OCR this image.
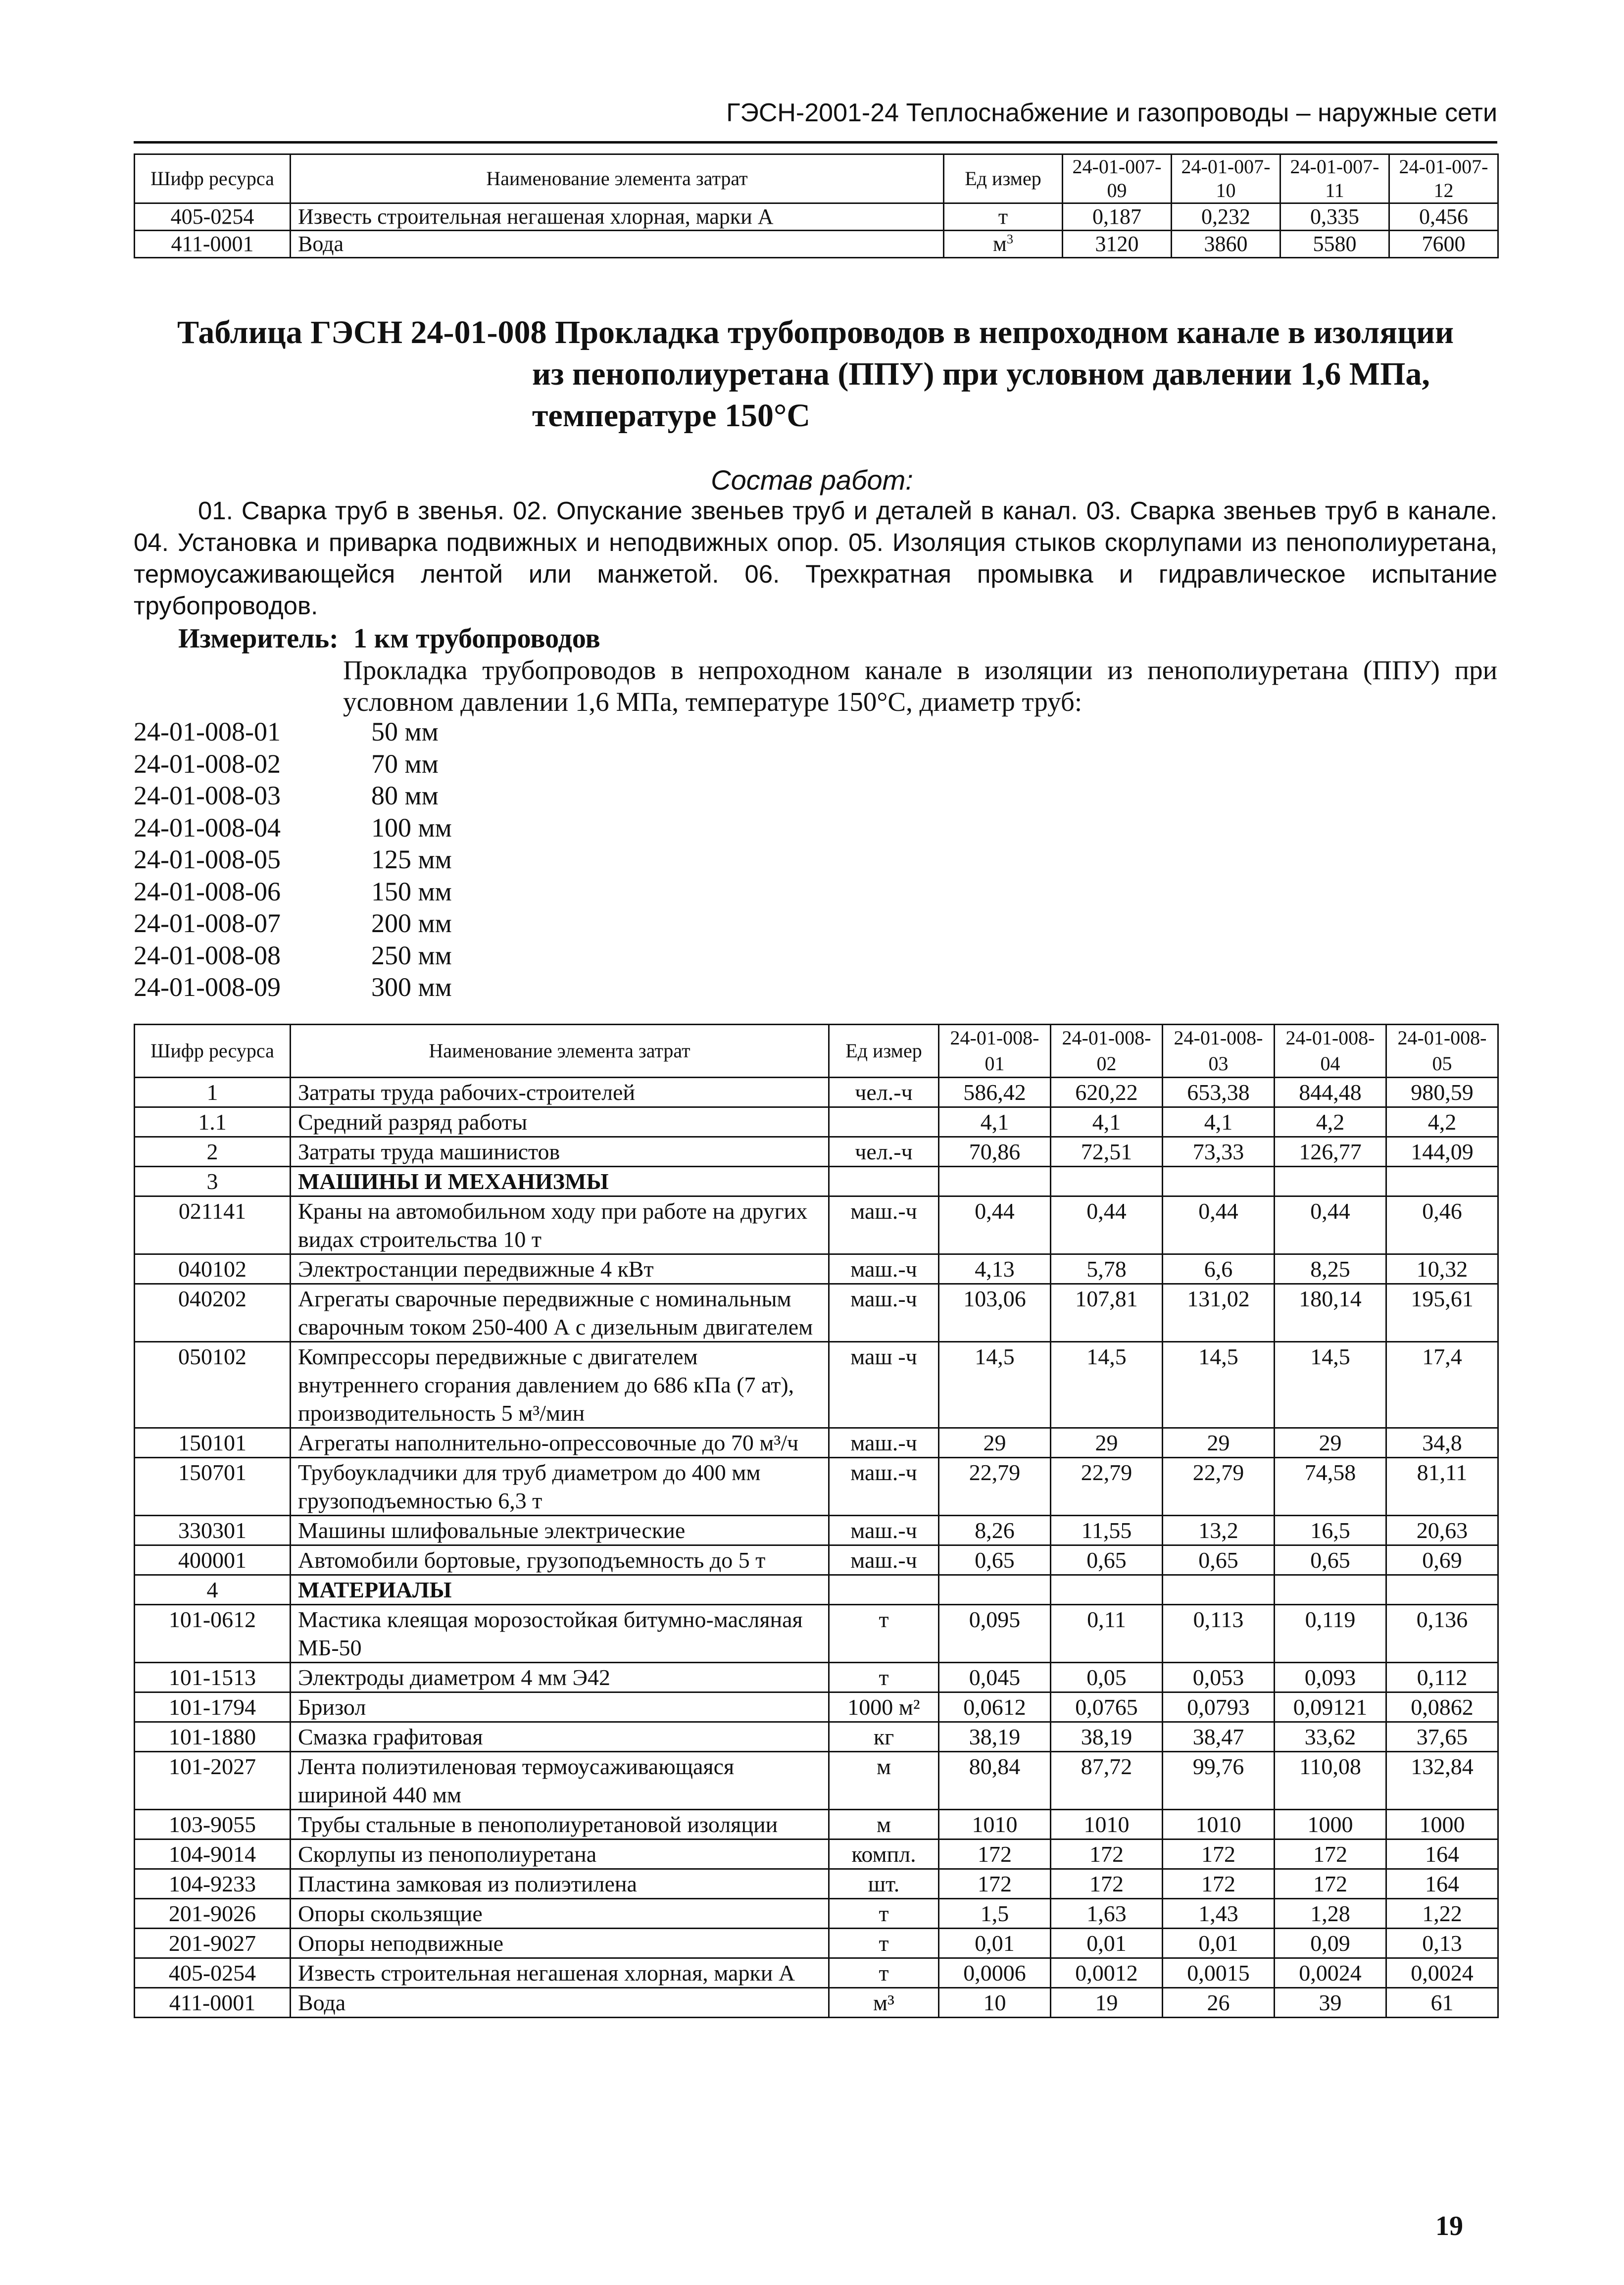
ГЭСН-2001-24 Теплоснабжение и газопроводы – наружные сети
Шифр ресурса	Наименование элемента затрат	Ед измер	24-01-007-09	24-01-007-10	24-01-007-11	24-01-007-12
405-0254	Известь строительная негашеная хлорная, марки А	т	0,187	0,232	0,335	0,456
411-0001	Вода	$м^3$	3120	3860	5580	7600
Таблица ГЭСН 24-01-008 Прокладка трубопроводов в непроходном канале в изоляции
из пенополиуретана (ППУ) при условном давлении 1,6 МПа,
температуре 150°С
Состав работ:
01. Сварка труб в звенья. 02. Опускание звеньев труб и деталей в канал. 03. Сварка звеньев труб в канале. 04. Установка и приварка подвижных и неподвижных опор. 05. Изоляция стыков скорлупами из пенополиуретана, термоусаживающейся лентой или манжетой. 06. Трехкратная промывка и гидравлическое испытание трубопроводов.
Измеритель: 1 км трубопроводов
Прокладка трубопроводов в непроходном канале в изоляции из пенополиуретана (ППУ) при условном давлении 1,6 МПа, температуре 150°С, диаметр труб:
24-01-008-01	50 мм
24-01-008-02	70 мм
24-01-008-03	80 мм
24-01-008-04	100 мм
24-01-008-05	125 мм
24-01-008-06	150 мм
24-01-008-07	200 мм
24-01-008-08	250 мм
24-01-008-09	300 мм
Шифр ресурса	Наименование элемента затрат	Ед измер	24-01-008-01	24-01-008-02	24-01-008-03	24-01-008-04	24-01-008-05
1	Затраты труда рабочих-строителей	чел.-ч	586,42	620,22	653,38	844,48	980,59
1.1	Средний разряд работы		4,1	4,1	4,1	4,2	4,2
2	Затраты труда машинистов	чел.-ч	70,86	72,51	73,33	126,77	144,09
3	МАШИНЫ И МЕХАНИЗМЫ						
021141	Краны на автомобильном ходу при работе на других видах строительства 10 т	маш.-ч	0,44	0,44	0,44	0,44	0,46
040102	Электростанции передвижные 4 кВт	маш.-ч	4,13	5,78	6,6	8,25	10,32
040202	Агрегаты сварочные передвижные с номинальным сварочным током 250-400 А с дизельным двигателем	маш.-ч	103,06	107,81	131,02	180,14	195,61
050102	Компрессоры передвижные с двигателем внутреннего сгорания давлением до 686 кПа (7 ат), производительность 5 м³/мин	маш -ч	14,5	14,5	14,5	14,5	17,4
150101	Агрегаты наполнительно-опрессовочные до 70 м³/ч	маш.-ч	29	29	29	29	34,8
150701	Трубоукладчики для труб диаметром до 400 мм грузоподъемностью 6,3 т	маш.-ч	22,79	22,79	22,79	74,58	81,11
330301	Машины шлифовальные электрические	маш.-ч	8,26	11,55	13,2	16,5	20,63
400001	Автомобили бортовые, грузоподъемность до 5 т	маш.-ч	0,65	0,65	0,65	0,65	0,69
4	МАТЕРИАЛЫ						
101-0612	Мастика клеящая морозостойкая битумно-масляная МБ-50	т	0,095	0,11	0,113	0,119	0,136
101-1513	Электроды диаметром 4 мм Э42	т	0,045	0,05	0,053	0,093	0,112
101-1794	Бризол	1000 м²	0,0612	0,0765	0,0793	0,09121	0,0862
101-1880	Смазка графитовая	кг	38,19	38,19	38,47	33,62	37,65
101-2027	Лента полиэтиленовая термоусаживающаяся шириной 440 мм	м	80,84	87,72	99,76	110,08	132,84
103-9055	Трубы стальные в пенополиуретановой изоляции	м	1010	1010	1010	1000	1000
104-9014	Скорлупы из пенополиуретана	компл.	172	172	172	172	164
104-9233	Пластина замковая из полиэтилена	шт.	172	172	172	172	164
201-9026	Опоры скользящие	т	1,5	1,63	1,43	1,28	1,22
201-9027	Опоры неподвижные	т	0,01	0,01	0,01	0,09	0,13
405-0254	Известь строительная негашеная хлорная, марки А	т	0,0006	0,0012	0,0015	0,0024	0,0024
411-0001	Вода	м³	10	19	26	39	61
19
